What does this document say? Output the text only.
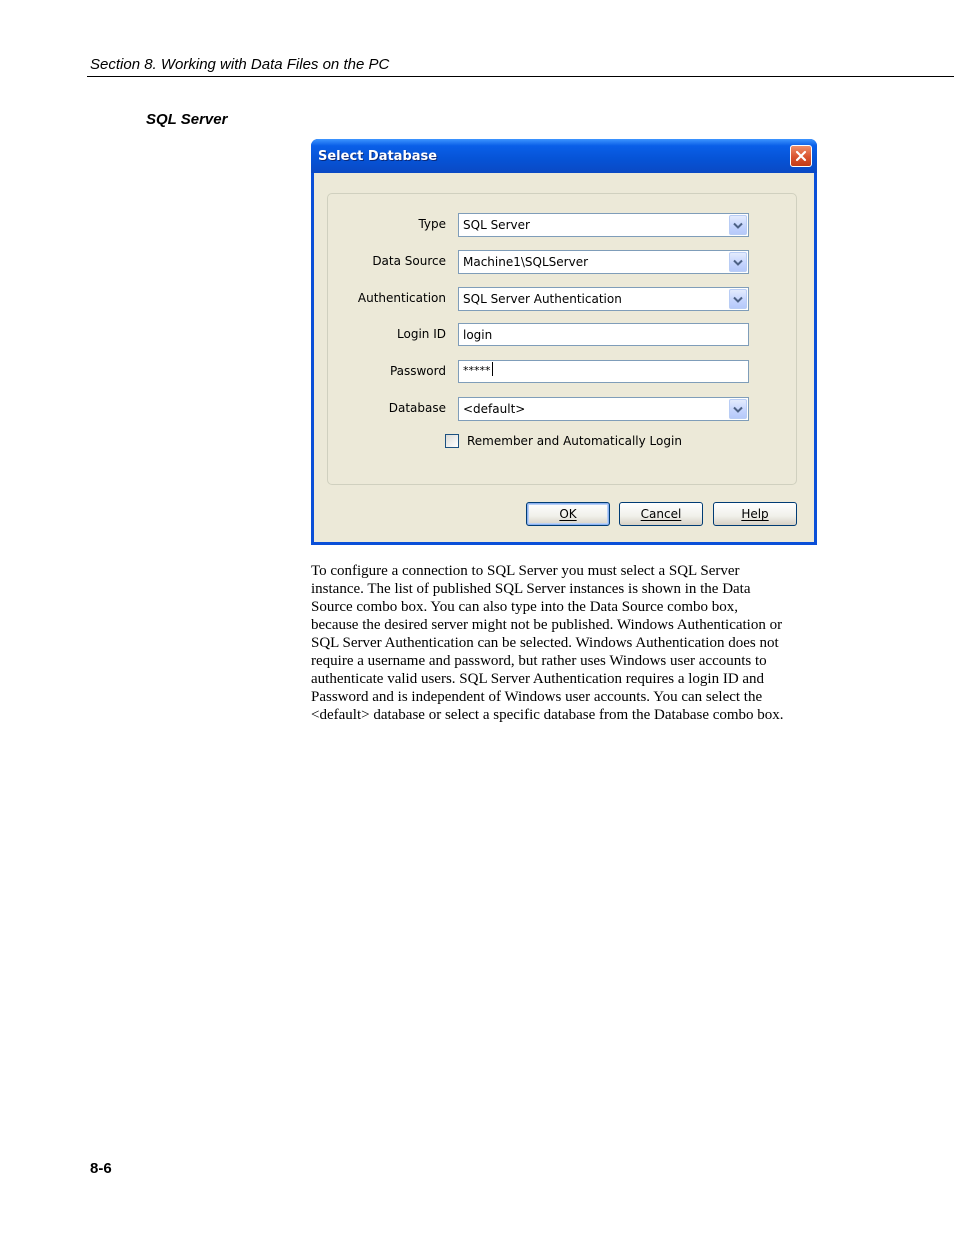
Section 8. Working with Data Files on the PC
SQL Server
Select Database
Type SQL Server
Data Source Machine1\SQLServer
Authentication SQL Server Authentication
Login ID login
Password *****
Database <default>
Remember and Automatically Login
OK	Cancel	Help
To configure a connection to SQL Server you must select a SQL Server
instance. The list of published SQL Server instances is shown in the Data
Source combo box. You can also type into the Data Source combo box,
because the desired server might not be published. Windows Authentication or
SQL Server Authentication can be selected. Windows Authentication does not
require a username and password, but rather uses Windows user accounts to
authenticate valid users. SQL Server Authentication requires a login ID and
Password and is independent of Windows user accounts. You can select the
<default> database or select a specific database from the Database combo box.
8-6
